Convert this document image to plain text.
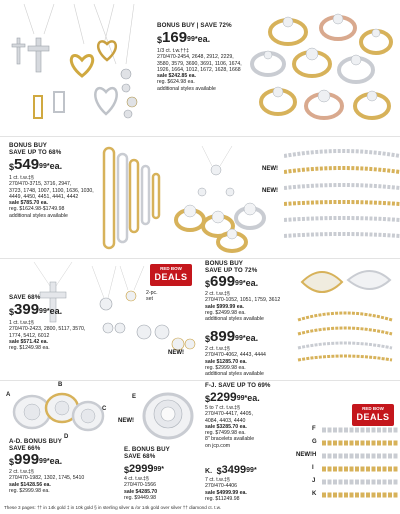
BONUS BUY | SAVE 72%
$^{\$}169^{99*}ea$.
1/3 ct. t.w.††‡
270/470-2454, 2648, 2912, 2229,
3580, 3579, 3690, 3691, 1106, 1674,
1926, 1664, 1012, 1672, 1628, 1668
sale $242.85 ea.
reg. $624.98 ea.
additional styles available
BONUS BUY
SAVE UP TO 68%
$^{\$}549^{99*}ea$.
1 ct. t.w.‡§
270/470-3715, 3716, 2947,
3723, 1748, 1007, 1100, 1636, 1030,
4449, 4450, 4451, 4441, 4442
sale $785.70 ea.
reg. $1624.98-$1749.98
additional styles available
NEW!
NEW!
2-pc.
set
RED BOW
DEALS
SAVE 68%
$^{\$}399^{99*}ea$.
1 ct. t.w.‡§
270/470-2423, 2800, 5117, 3570,
1774, 5412, 6012
sale $571.42 ea.
reg. $1249.98 ea.
NEW!
BONUS BUY
SAVE UP TO 72%
$^{\$}699^{99*}ea$.
2 ct. t.w.‡§
270/470-1052, 1051, 1759, 3612
sale $999.99 ea.
reg. $2499.98 ea.
additional styles available
$^{\$}899^{99*}ea$.
2 ct. t.w.‡§
270/470-4062, 4443, 4444
sale $1285.70 ea.
reg. $2999.98 ea.
additional styles available
A
B
C
D
E
NEW!
A-D. BONUS BUY
SAVE 66%
$^{\$}999^{99*}ea$.
2 ct. t.w.‡§
270/470-1982, 1302, 1745, 5410
sale $1428.56 ea.
reg. $2999.98 ea.
E. BONUS BUY
SAVE 68%
$^{\$}2999^{99*}$
4 ct. t.w.‡§
270/470-1566
sale $4285.70
reg. $9449.98
F-J. SAVE UP TO 69%
$^{\$}2299^{99*}ea$.
5 to 7 ct. t.w.‡§
270/470-4417, 4405,
4084, 4403, 4440
sale $3285.70 ea.
reg. $7499.98 ea.
8" bracelets available
on jcp.com
K. $^{\$}3499^{99*}$
7 ct. t.w.‡§
270/470-4406
sale $4999.99 ea.
reg. $11249.98
RED BOW
DEALS
NEW!
F
G
H
I
J
K
These 3 pages: †† in 14k gold ‡ in 10k gold § in sterling silver & /or 14k gold over silver †† diamond ct. t.w.
